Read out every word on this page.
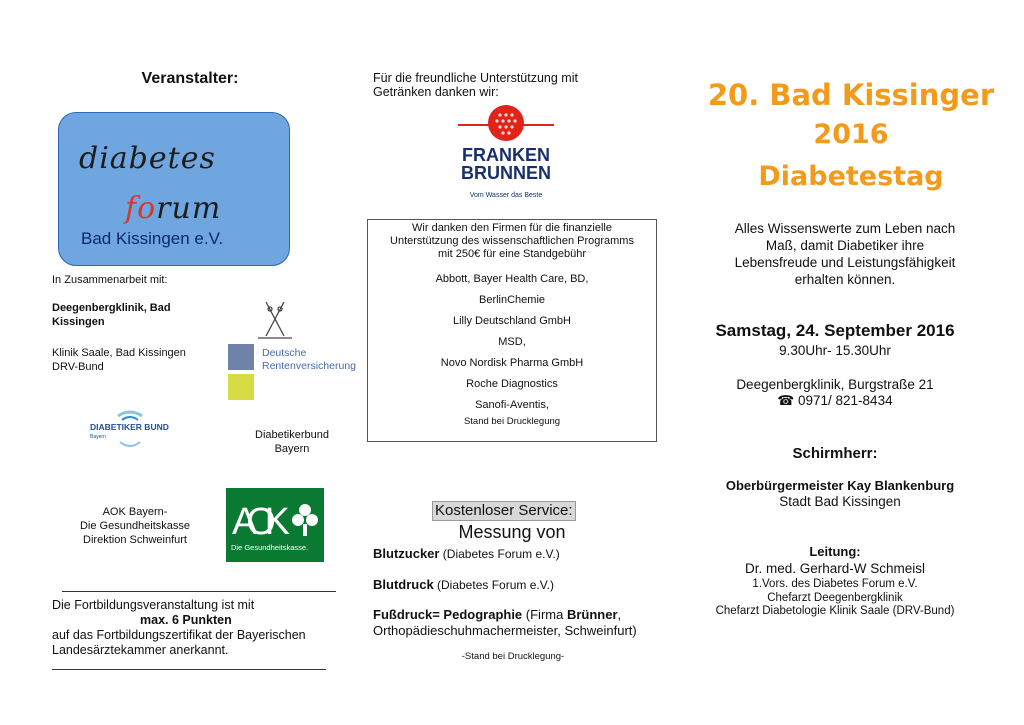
Veranstalter:
diabetes
forum
Bad Kissingen e.V.
In Zusammenarbeit mit:
Deegenbergklinik, Bad
Kissingen
Klinik Saale, Bad Kissingen
DRV-Bund
Deutsche
Rentenversicherung
DIABETIKER BUND
Bayern	Diabetikerbund
Bayern
AOK Bayern-
Die Gesundheitskasse
Direktion Schweinfurt	AOK
Die Gesundheitskasse.
Die Fortbildungsveranstaltung ist mit
max. 6 Punkten
auf das Fortbildungszertifikat der Bayerischen
Landesärztekammer anerkannt.
Für die freundliche Unterstützung mit
Getränken danken wir:
FRANKEN
BRUNNEN
Vom Wasser das Beste
Wir danken den Firmen für die finanzielle
Unterstützung des wissenschaftlichen Programms
mit 250€ für eine Standgebühr
Abbott, Bayer Health Care, BD,
BerlinChemie
Lilly Deutschland GmbH
MSD,
Novo Nordisk Pharma GmbH
Roche Diagnostics
Sanofi-Aventis,
Stand bei Drucklegung
Kostenloser Service:
Messung von
Blutzucker (Diabetes Forum e.V.)
Blutdruck (Diabetes Forum e.V.)
Fußdruck= Pedographie (Firma Brünner,
Orthopädieschuhmachermeister, Schweinfurt)
-Stand bei Drucklegung-
20. Bad Kissinger
2016
Diabetestag
Alles Wissenswerte zum Leben nach
Maß, damit Diabetiker ihre
Lebensfreude und Leistungsfähigkeit
erhalten können.
Samstag, 24. September 2016
9.30Uhr- 15.30Uhr
Deegenbergklinik, Burgstraße 21
☎ 0971/ 821-8434
Schirmherr:
Oberbürgermeister Kay Blankenburg
Stadt Bad Kissingen
Leitung:
Dr. med. Gerhard-W Schmeisl
1.Vors. des Diabetes Forum e.V.
Chefarzt Deegenbergklinik
Chefarzt Diabetologie Klinik Saale (DRV-Bund)
